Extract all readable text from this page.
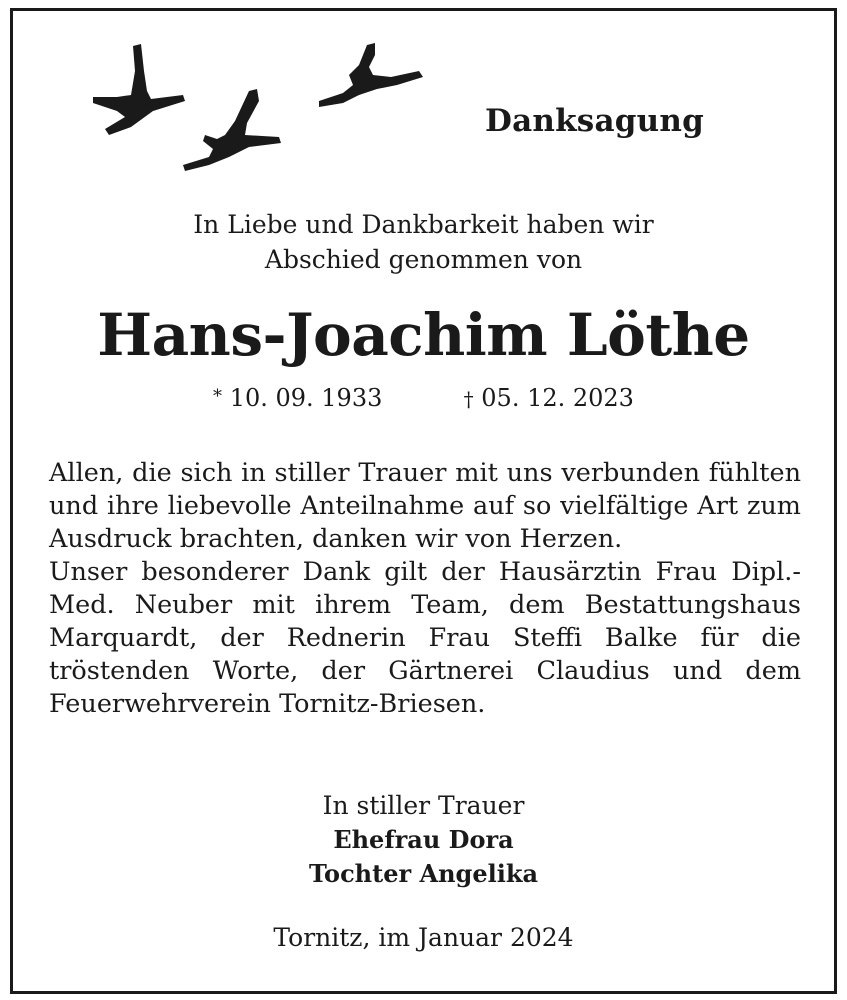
Danksagung
In Liebe und Dankbarkeit haben wir
Abschied genommen von
Hans-Joachim Löthe
* 10. 09. 1933	† 05. 12. 2023

Allen, die sich in stiller Trauer mit uns verbunden fühlten und ihre liebevolle Anteilnahme auf so vielfältige Art zum Ausdruck brachten, danken wir von Herzen.

Unser besonderer Dank gilt der Hausärztin Frau Dipl.-Med. Neuber mit ihrem Team, dem Bestattungshaus Marquardt, der Rednerin Frau Steffi Balke für die tröstenden Worte, der Gärtnerei Claudius und dem Feuerwehrverein Tornitz-Briesen.

In stiller Trauer
Ehefrau Dora
Tochter Angelika
Tornitz, im Januar 2024
